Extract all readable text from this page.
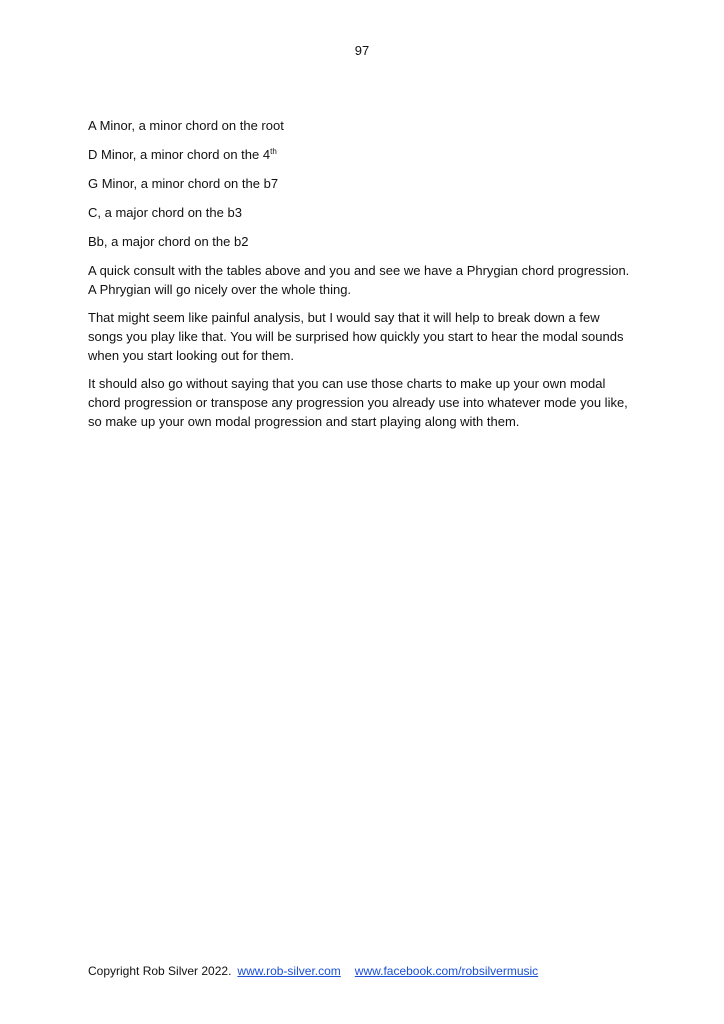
97

A Minor, a minor chord on the root

D Minor, a minor chord on the 4th

G Minor, a minor chord on the b7

C, a major chord on the b3

Bb, a major chord on the b2

A quick consult with the tables above and you and see we have a Phrygian chord progression. A Phrygian will go nicely over the whole thing.

That might seem like painful analysis, but I would say that it will help to break down a few songs you play like that. You will be surprised how quickly you start to hear the modal sounds when you start looking out for them.

It should also go without saying that you can use those charts to make up your own modal chord progression or transpose any progression you already use into whatever mode you like, so make up your own modal progression and start playing along with them.

Copyright Rob Silver 2022. www.rob-silver.com www.facebook.com/robsilvermusic
